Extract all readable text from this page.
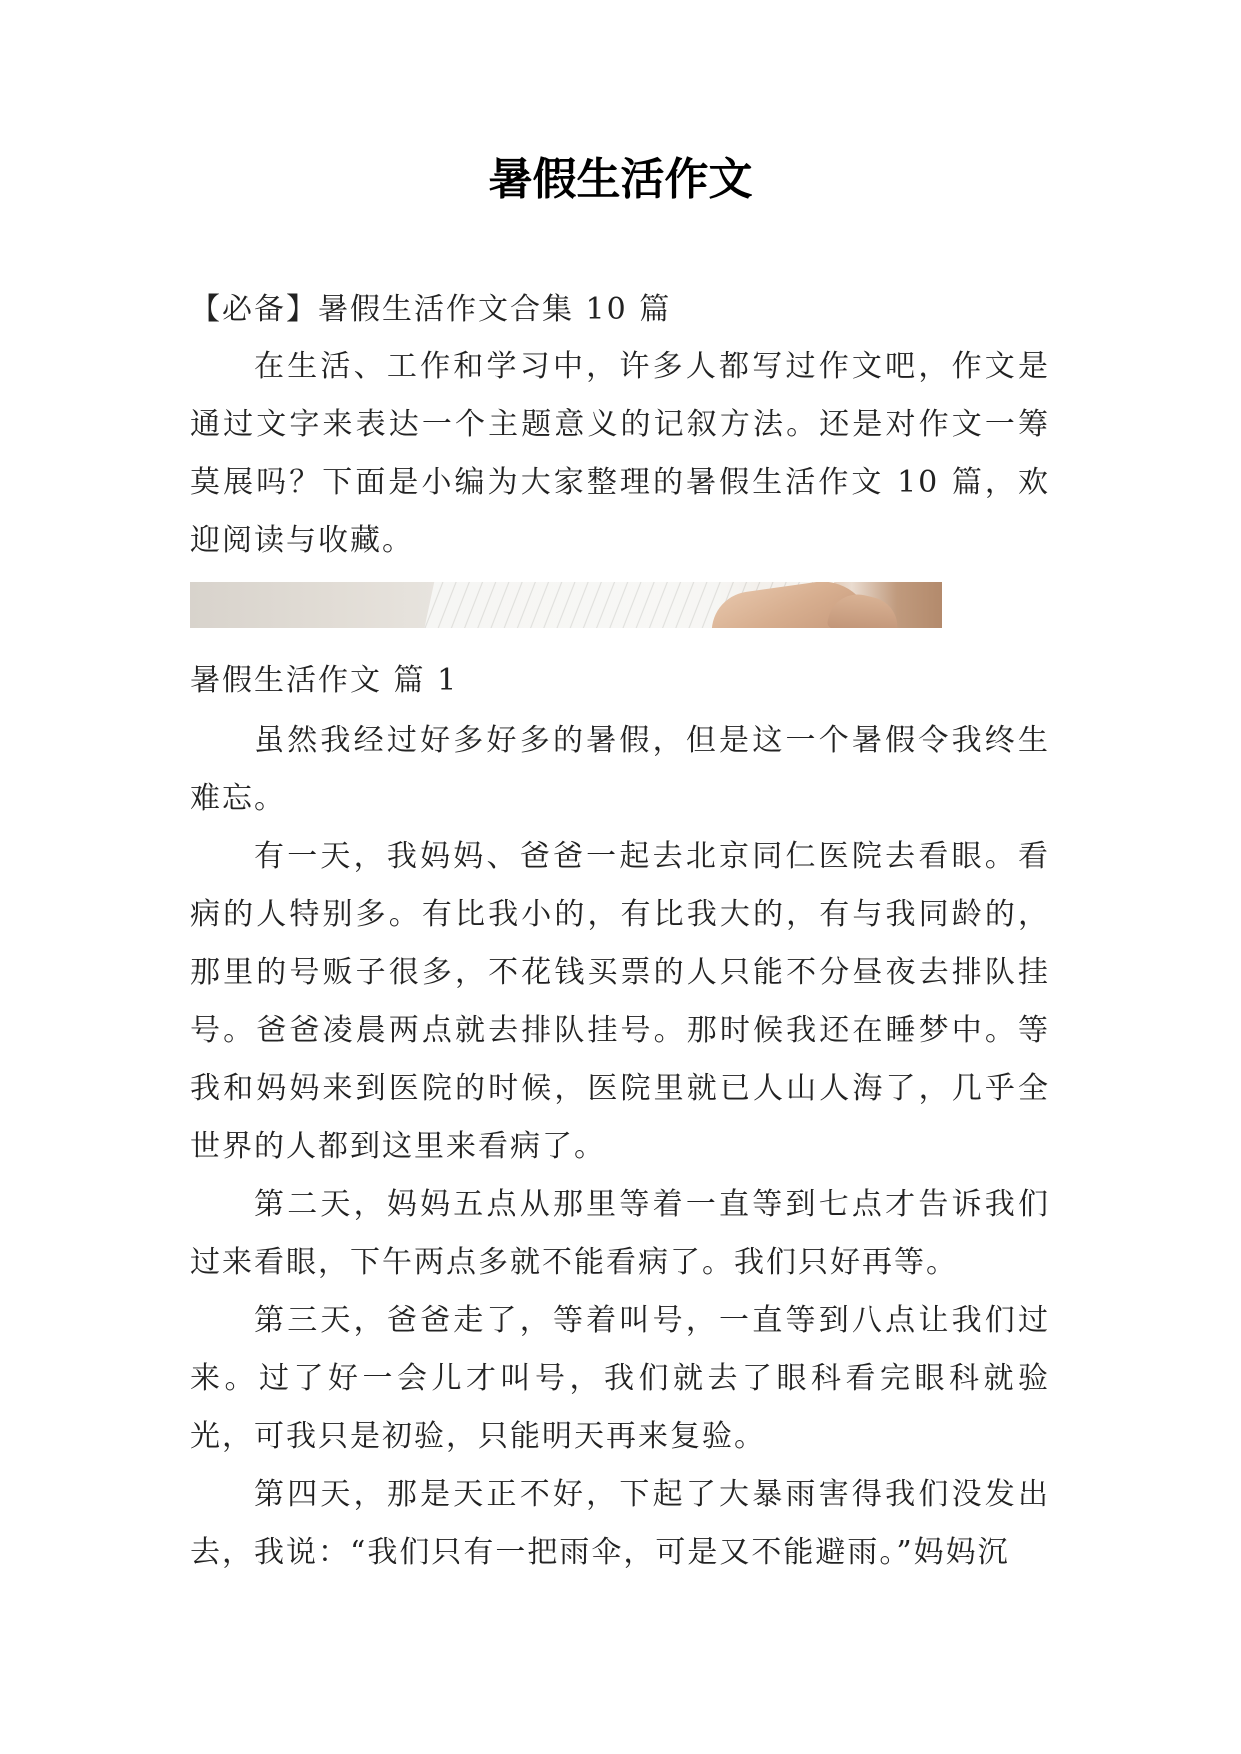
暑假生活作文
【必备】暑假生活作文合集 10 篇

在生活、工作和学习中，许多人都写过作文吧，作文是通过文字来表达一个主题意义的记叙方法。还是对作文一筹莫展吗？下面是小编为大家整理的暑假生活作文 10 篇，欢迎阅读与收藏。

暑假生活作文 篇 1

虽然我经过好多好多的暑假，但是这一个暑假令我终生难忘。

有一天，我妈妈、爸爸一起去北京同仁医院去看眼。看病的人特别多。有比我小的，有比我大的，有与我同龄的，那里的号贩子很多，不花钱买票的人只能不分昼夜去排队挂号。爸爸凌晨两点就去排队挂号。那时候我还在睡梦中。等我和妈妈来到医院的时候，医院里就已人山人海了，几乎全世界的人都到这里来看病了。

第二天，妈妈五点从那里等着一直等到七点才告诉我们过来看眼，下午两点多就不能看病了。我们只好再等。

第三天，爸爸走了，等着叫号，一直等到八点让我们过来。过了好一会儿才叫号，我们就去了眼科看完眼科就验光，可我只是初验，只能明天再来复验。

第四天，那是天正不好，下起了大暴雨害得我们没发出去，我说：“我们只有一把雨伞，可是又不能避雨。”妈妈沉
